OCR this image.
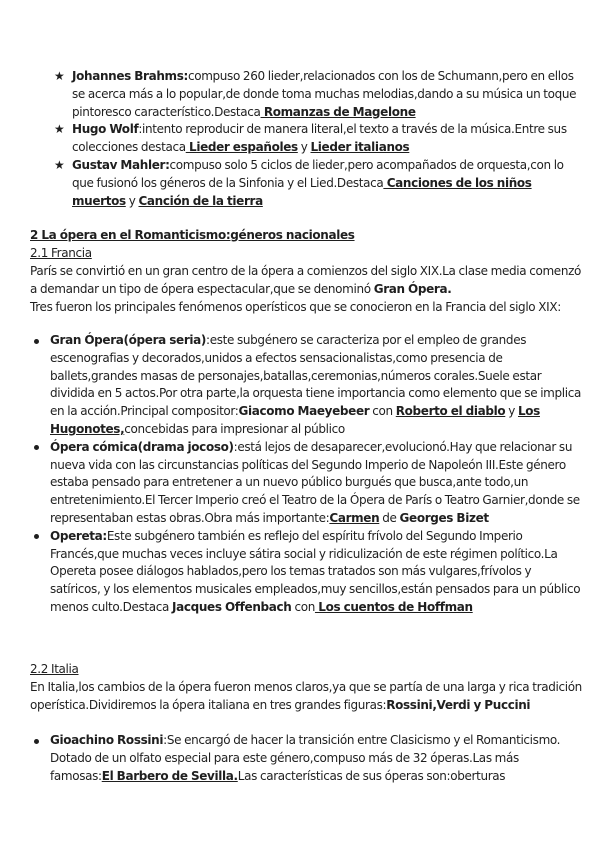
★ Johannes Brahms:compuso 260 lieder,relacionados con los de Schumann,pero en ellos se acerca más a lo popular,de donde toma muchas melodias,dando a su música un toque pintoresco característico.Destaca Romanzas de Magelone
★ Hugo Wolf:intento reproducir de manera literal,el texto a través de la música.Entre sus colecciones destaca Lieder españoles y Lieder italianos
★ Gustav Mahler:compuso solo 5 ciclos de lieder,pero acompañados de orquesta,con lo que fusionó los géneros de la Sinfonia y el Lied.Destaca Canciones de los niños muertos y Canción de la tierra
2 La ópera en el Romanticismo:géneros nacionales
2.1 Francia

París se convirtió en un gran centro de la ópera a comienzos del siglo XIX.La clase media comenzó a demandar un tipo de ópera espectacular,que se denominó Gran Ópera.
Tres fueron los principales fenómenos operísticos que se conocieron en la Francia del siglo XIX:

Gran Ópera(ópera seria):este subgénero se caracteriza por el empleo de grandes escenografias y decorados,unidos a efectos sensacionalistas,como presencia de ballets,grandes masas de personajes,batallas,ceremonias,números corales.Suele estar dividida en 5 actos.Por otra parte,la orquesta tiene importancia como elemento que se implica en la acción.Principal compositor:Giacomo Maeyebeer con Roberto el diablo y Los Hugonotes,concebidas para impresionar al público
Ópera cómica(drama jocoso):está lejos de desaparecer,evolucionó.Hay que relacionar su nueva vida con las circunstancias políticas del Segundo Imperio de Napoleón III.Este género estaba pensado para entretener a un nuevo público burgués que busca,ante todo,un entretenimiento.El Tercer Imperio creó el Teatro de la Ópera de París o Teatro Garnier,donde se representaban estas obras.Obra más importante:Carmen de Georges Bizet
Opereta:Este subgénero también es reflejo del espíritu frívolo del Segundo Imperio Francés,que muchas veces incluye sátira social y ridiculización de este régimen político.La Opereta posee diálogos hablados,pero los temas tratados son más vulgares,frívolos y satíricos, y los elementos musicales empleados,muy sencillos,están pensados para un público menos culto.Destaca Jacques Offenbach con Los cuentos de Hoffman
2.2 Italia

En Italia,los cambios de la ópera fueron menos claros,ya que se partía de una larga y rica tradición operística.Dividiremos la ópera italiana en tres grandes figuras:Rossini,Verdi y Puccini

Gioachino Rossini:Se encargó de hacer la transición entre Clasicismo y el Romanticismo. Dotado de un olfato especial para este género,compuso más de 32 óperas.Las más famosas:El Barbero de Sevilla.Las características de sus óperas son:oberturas
